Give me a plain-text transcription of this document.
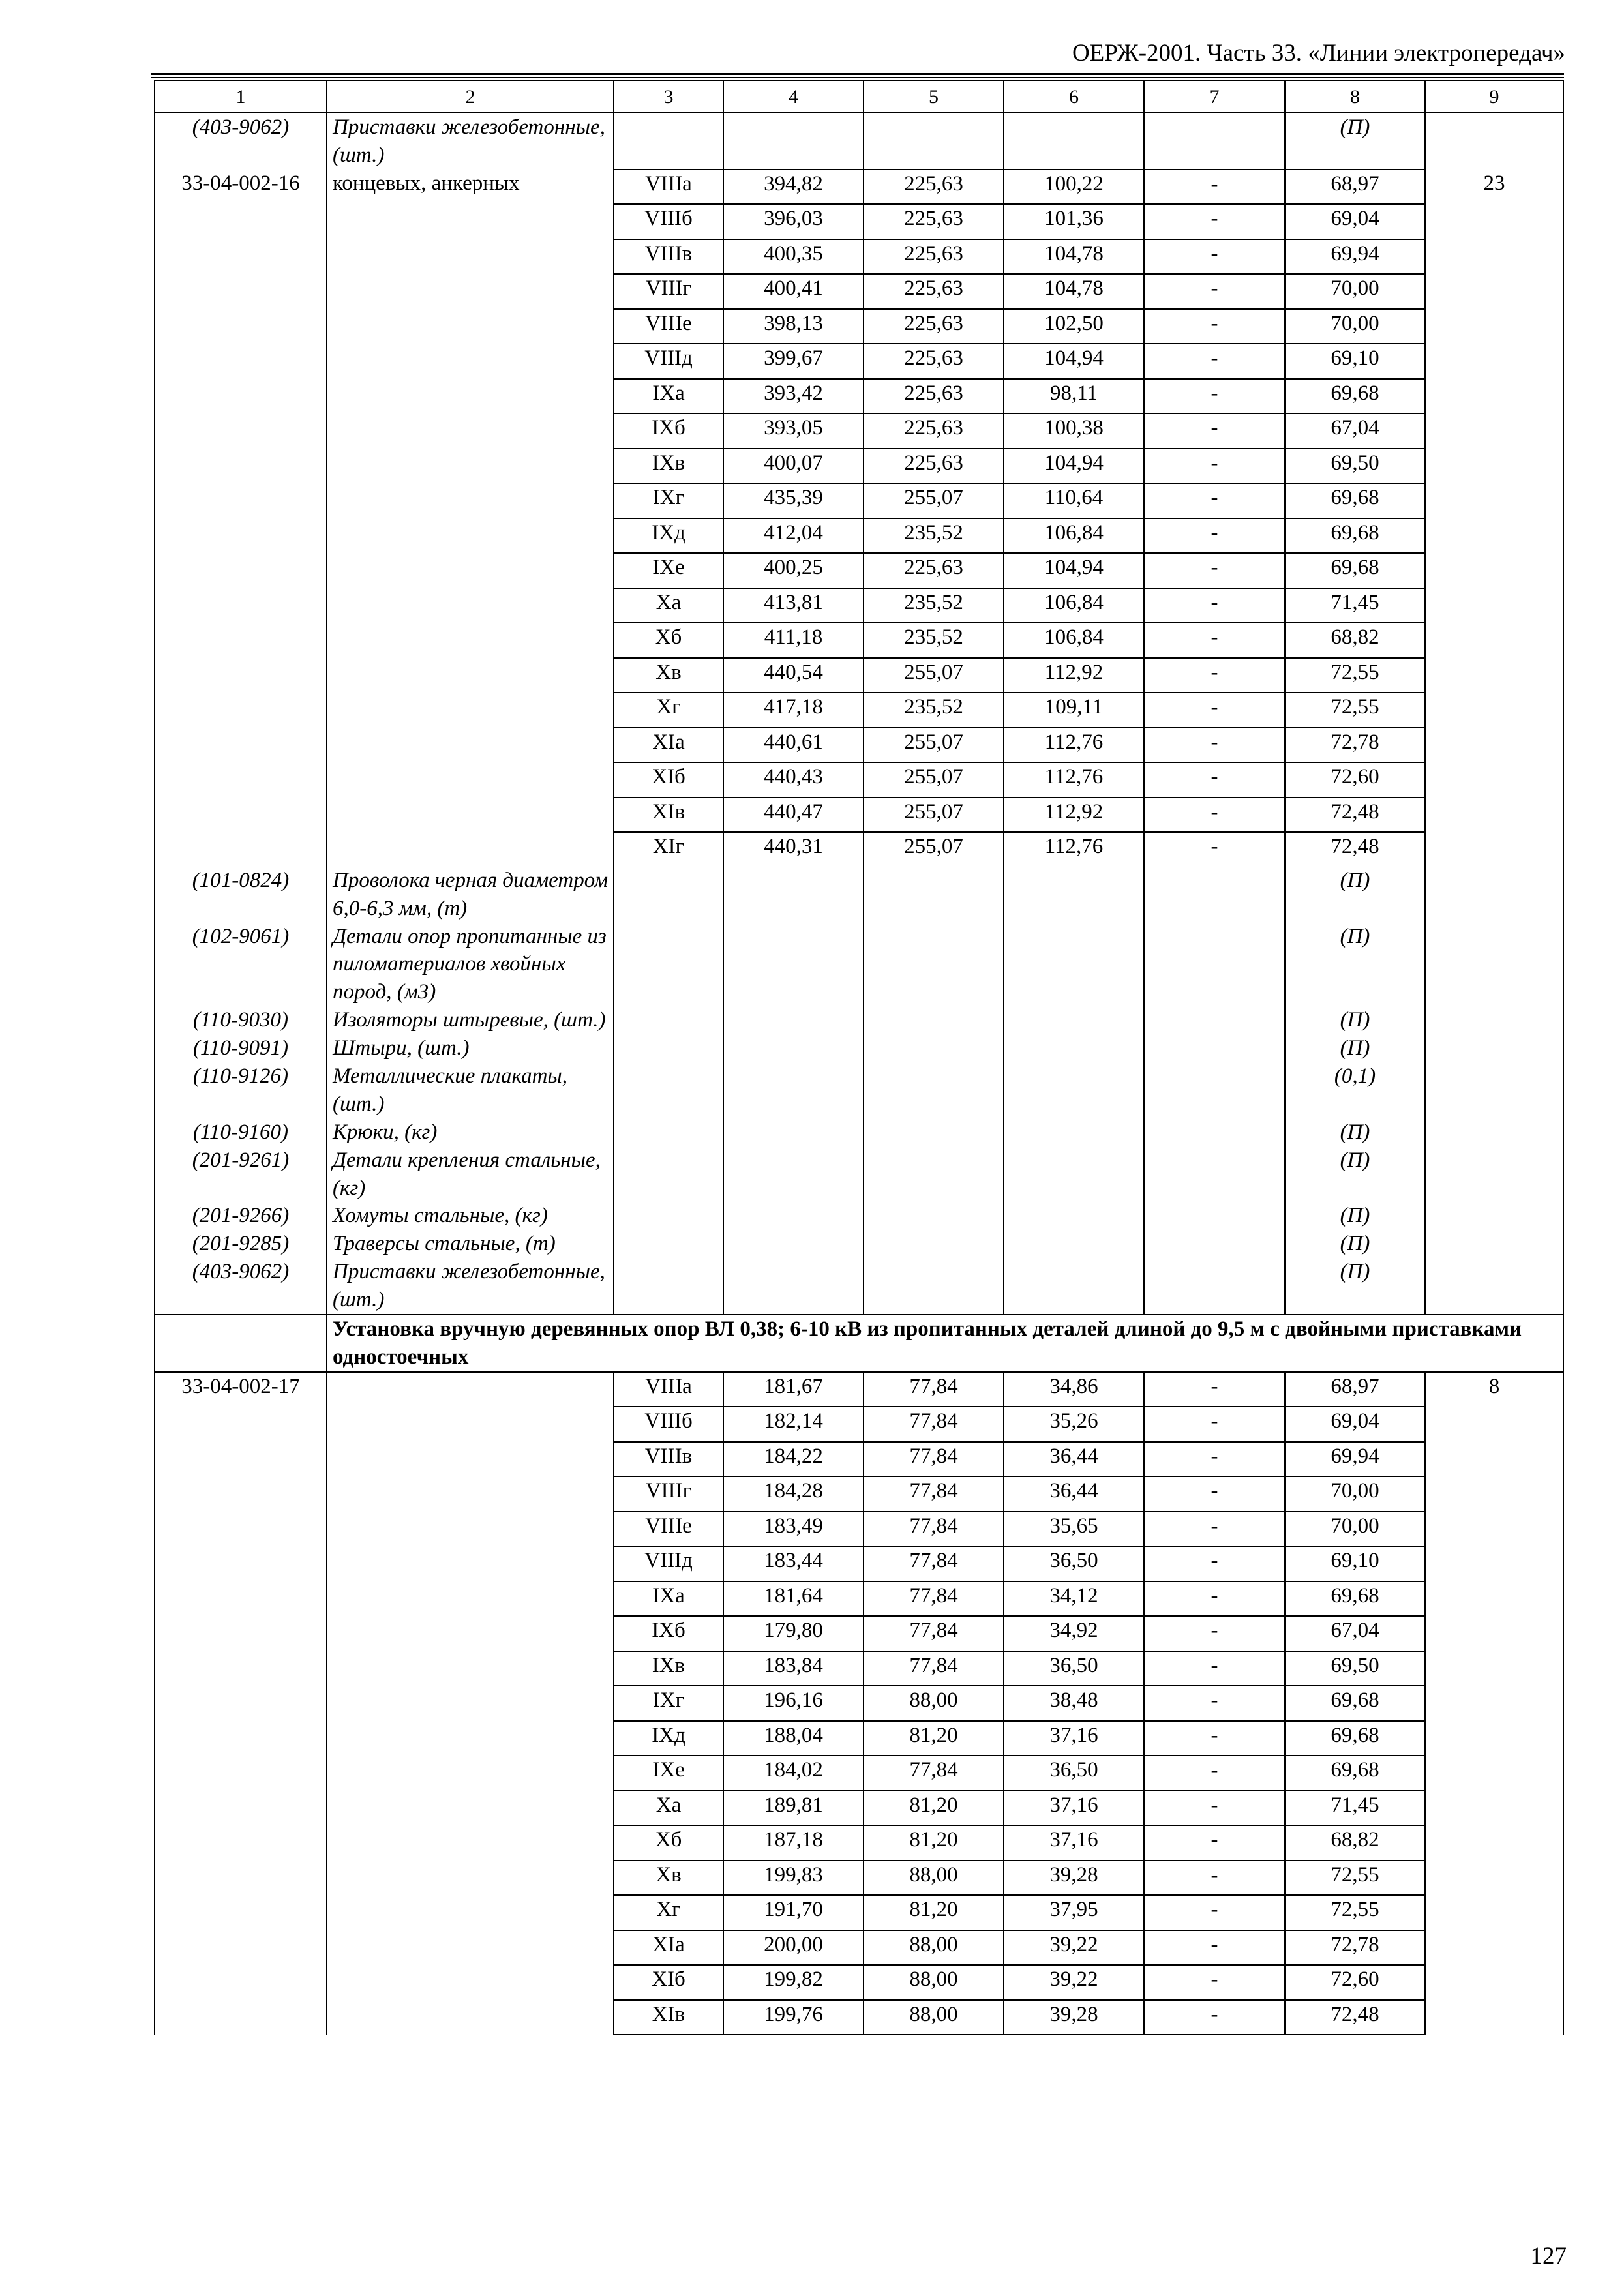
ОЕРЖ-2001. Часть 33. «Линии электропередач»
1	2	3	4	5	6	7	8	9
(403-9062)	Приставки железобетонные, (шт.)						(П)	
33-04-002-16	концевых, анкерных	VIIIа	394,82	225,63	100,22	-	68,97	23
		VIIIб	396,03	225,63	101,36	-	69,04	
		VIIIв	400,35	225,63	104,78	-	69,94	
		VIIIг	400,41	225,63	104,78	-	70,00	
		VIIIе	398,13	225,63	102,50	-	70,00	
		VIIIд	399,67	225,63	104,94	-	69,10	
		IXа	393,42	225,63	98,11	-	69,68	
		IXб	393,05	225,63	100,38	-	67,04	
		IXв	400,07	225,63	104,94	-	69,50	
		IXг	435,39	255,07	110,64	-	69,68	
		IXд	412,04	235,52	106,84	-	69,68	
		IXе	400,25	225,63	104,94	-	69,68	
		Xа	413,81	235,52	106,84	-	71,45	
		Xб	411,18	235,52	106,84	-	68,82	
		Xв	440,54	255,07	112,92	-	72,55	
		Xг	417,18	235,52	109,11	-	72,55	
		XIа	440,61	255,07	112,76	-	72,78	
		XIб	440,43	255,07	112,76	-	72,60	
		XIв	440,47	255,07	112,92	-	72,48	
		XIг	440,31	255,07	112,76	-	72,48	
(101-0824)	Проволока черная диаметром 6,0-6,3 мм, (т)						(П)	
(102-9061)	Детали опор пропитанные из пиломатериалов хвойных пород, (м3)						(П)	
(110-9030)	Изоляторы штыревые, (шт.)						(П)	
(110-9091)	Штыри, (шт.)						(П)	
(110-9126)	Металлические плакаты, (шт.)						(0,1)	
(110-9160)	Крюки, (кг)						(П)	
(201-9261)	Детали крепления стальные, (кг)						(П)	
(201-9266)	Хомуты стальные, (кг)						(П)	
(201-9285)	Траверсы стальные, (т)						(П)	
(403-9062)	Приставки железобетонные, (шт.)						(П)	
	Установка вручную деревянных опор ВЛ 0,38; 6-10 кВ из пропитанных деталей длиной до 9,5 м с двойными приставками одностоечных							
33-04-002-17		VIIIа	181,67	77,84	34,86	-	68,97	8
		VIIIб	182,14	77,84	35,26	-	69,04	
		VIIIв	184,22	77,84	36,44	-	69,94	
		VIIIг	184,28	77,84	36,44	-	70,00	
		VIIIе	183,49	77,84	35,65	-	70,00	
		VIIIд	183,44	77,84	36,50	-	69,10	
		IXа	181,64	77,84	34,12	-	69,68	
		IXб	179,80	77,84	34,92	-	67,04	
		IXв	183,84	77,84	36,50	-	69,50	
		IXг	196,16	88,00	38,48	-	69,68	
		IXд	188,04	81,20	37,16	-	69,68	
		IXе	184,02	77,84	36,50	-	69,68	
		Xа	189,81	81,20	37,16	-	71,45	
		Xб	187,18	81,20	37,16	-	68,82	
		Xв	199,83	88,00	39,28	-	72,55	
		Xг	191,70	81,20	37,95	-	72,55	
		XIа	200,00	88,00	39,22	-	72,78	
		XIб	199,82	88,00	39,22	-	72,60	
		XIв	199,76	88,00	39,28	-	72,48	
127
